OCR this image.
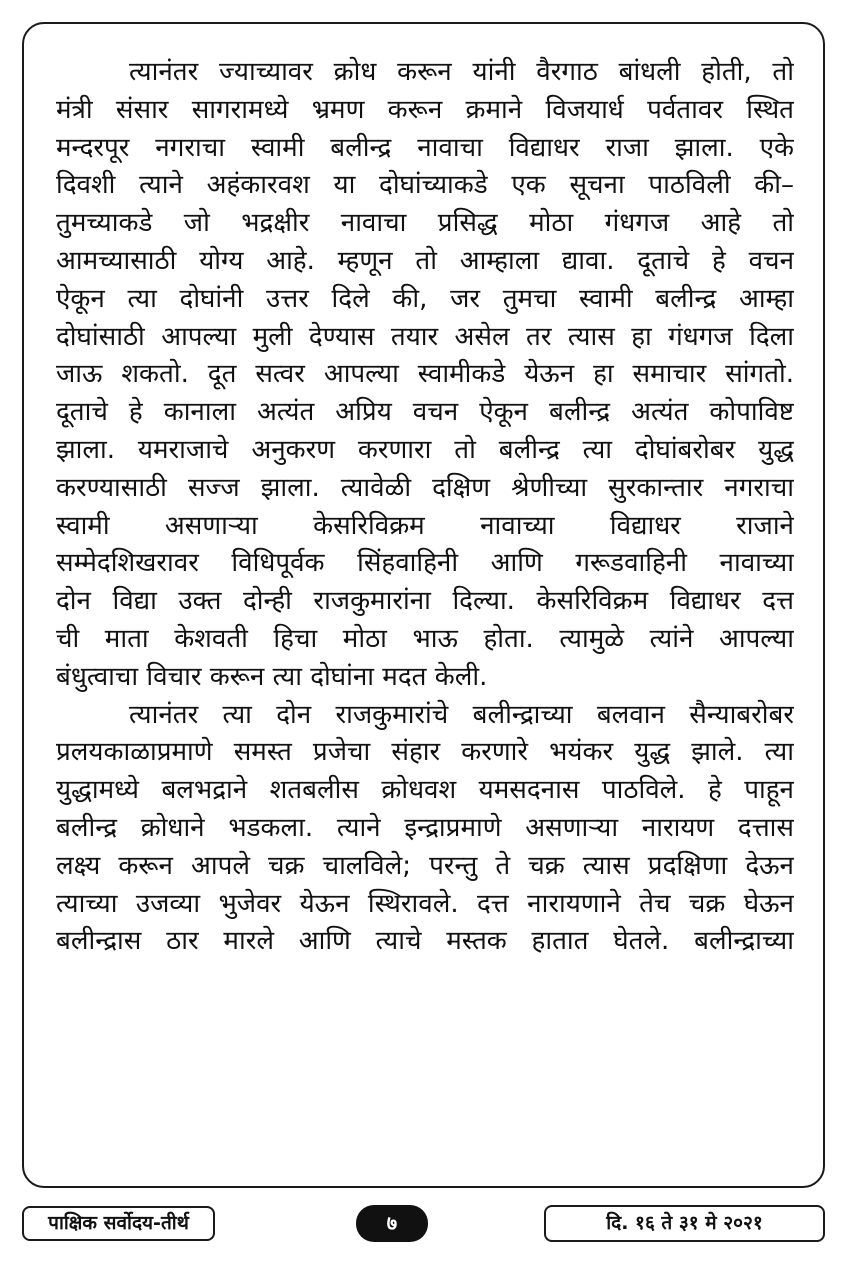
त्यानंतर ज्याच्यावर क्रोध करून यांनी वैरगाठ बांधली होती, तो
मंत्री संसार सागरामध्ये भ्रमण करून क्रमाने विजयार्ध पर्वतावर स्थित
मन्दरपूर नगराचा स्वामी बलीन्द्र नावाचा विद्याधर राजा झाला. एके
दिवशी त्याने अहंकारवश या दोघांच्याकडे एक सूचना पाठविली की–
तुमच्याकडे जो भद्रक्षीर नावाचा प्रसिद्ध मोठा गंधगज आहे तो
आमच्यासाठी योग्य आहे. म्हणून तो आम्हाला द्यावा. दूताचे हे वचन
ऐकून त्या दोघांनी उत्तर दिले की, जर तुमचा स्वामी बलीन्द्र आम्हा
दोघांसाठी आपल्या मुली देण्यास तयार असेल तर त्यास हा गंधगज दिला
जाऊ शकतो. दूत सत्वर आपल्या स्वामीकडे येऊन हा समाचार सांगतो.
दूताचे हे कानाला अत्यंत अप्रिय वचन ऐकून बलीन्द्र अत्यंत कोपाविष्ट
झाला. यमराजाचे अनुकरण करणारा तो बलीन्द्र त्या दोघांबरोबर युद्ध
करण्यासाठी सज्ज झाला. त्यावेळी दक्षिण श्रेणीच्या सुरकान्तार नगराचा
स्वामी असणाऱ्या केसरिविक्रम नावाच्या विद्याधर राजाने
सम्मेदशिखरावर विधिपूर्वक सिंहवाहिनी आणि गरूडवाहिनी नावाच्या
दोन विद्या उक्त दोन्ही राजकुमारांना दिल्या. केसरिविक्रम विद्याधर दत्त
ची माता केशवती हिचा मोठा भाऊ होता. त्यामुळे त्यांने आपल्या
बंधुत्वाचा विचार करून त्या दोघांना मदत केली.
त्यानंतर त्या दोन राजकुमारांचे बलीन्द्राच्या बलवान सैन्याबरोबर
प्रलयकाळाप्रमाणे समस्त प्रजेचा संहार करणारे भयंकर युद्ध झाले. त्या
युद्धामध्ये बलभद्राने शतबलीस क्रोधवश यमसदनास पाठविले. हे पाहून
बलीन्द्र क्रोधाने भडकला. त्याने इन्द्राप्रमाणे असणाऱ्या नारायण दत्तास
लक्ष्य करून आपले चक्र चालविले; परन्तु ते चक्र त्यास प्रदक्षिणा देऊन
त्याच्या उजव्या भुजेवर येऊन स्थिरावले. दत्त नारायणाने तेच चक्र घेऊन
बलीन्द्रास ठार मारले आणि त्याचे मस्तक हातात घेतले. बलीन्द्राच्या
पाक्षिक सर्वोदय-तीर्थ	७	दि. १६ ते ३१ मे २०२१
